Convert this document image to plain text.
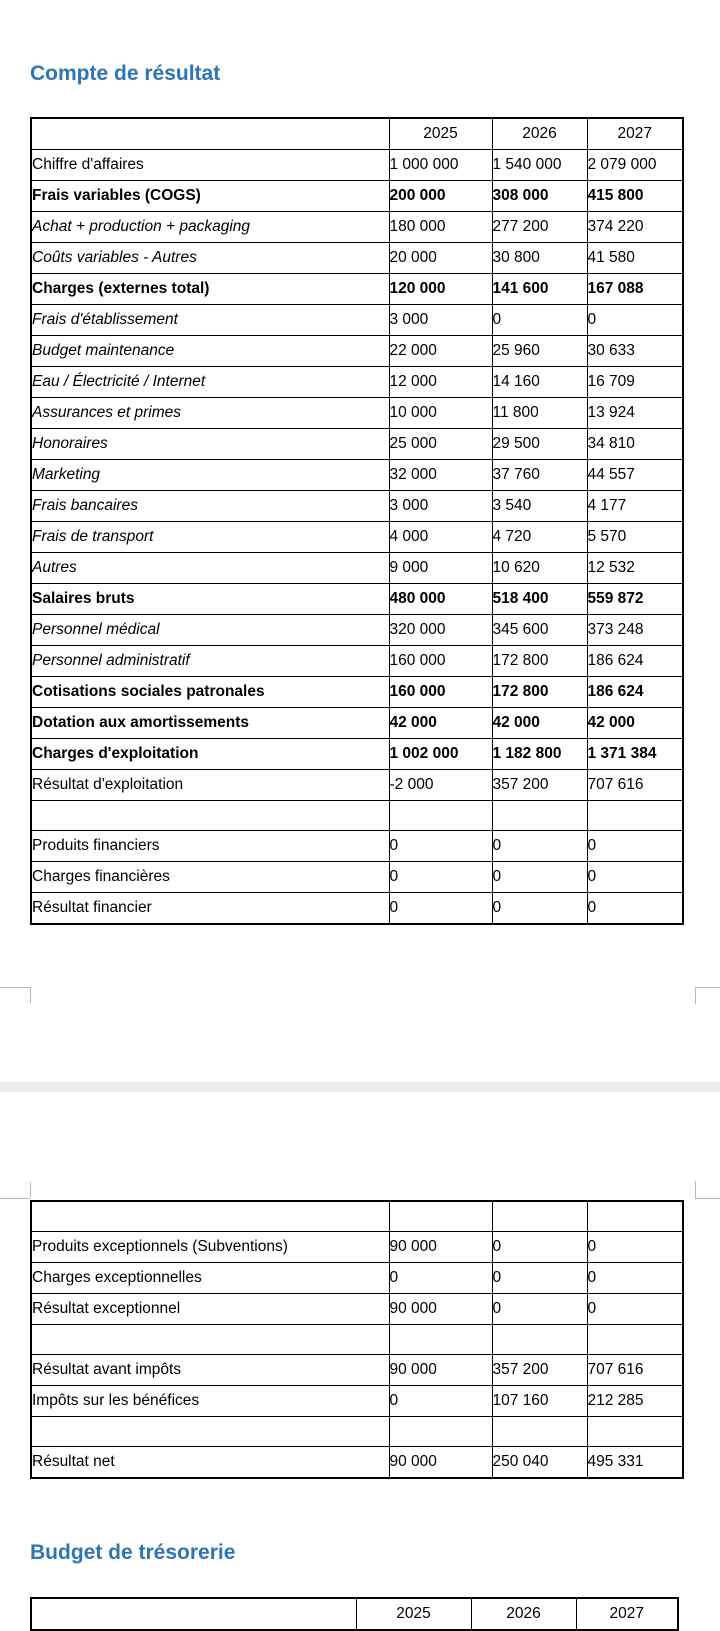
Compte de résultat
	2025	2026	2027
Chiffre d'affaires	1 000 000	1 540 000	2 079 000
Frais variables (COGS)	200 000	308 000	415 800
Achat + production + packaging	180 000	277 200	374 220
Coûts variables - Autres	20 000	30 800	41 580
Charges (externes total)	120 000	141 600	167 088
Frais d'établissement	3 000	0	0
Budget maintenance	22 000	25 960	30 633
Eau / Électricité / Internet	12 000	14 160	16 709
Assurances et primes	10 000	11 800	13 924
Honoraires	25 000	29 500	34 810
Marketing	32 000	37 760	44 557
Frais bancaires	3 000	3 540	4 177
Frais de transport	4 000	4 720	5 570
Autres	9 000	10 620	12 532
Salaires bruts	480 000	518 400	559 872
Personnel médical	320 000	345 600	373 248
Personnel administratif	160 000	172 800	186 624
Cotisations sociales patronales	160 000	172 800	186 624
Dotation aux amortissements	42 000	42 000	42 000
Charges d'exploitation	1 002 000	1 182 800	1 371 384
Résultat d'exploitation	-2 000	357 200	707 616

Produits financiers	0	0	0
Charges financières	0	0	0
Résultat financier	0	0	0

Produits exceptionnels (Subventions)	90 000	0	0
Charges exceptionnelles	0	0	0
Résultat exceptionnel	90 000	0	0

Résultat avant impôts	90 000	357 200	707 616
Impôts sur les bénéfices	0	107 160	212 285

Résultat net	90 000	250 040	495 331
Budget de trésorerie
	2025	2026	2027
